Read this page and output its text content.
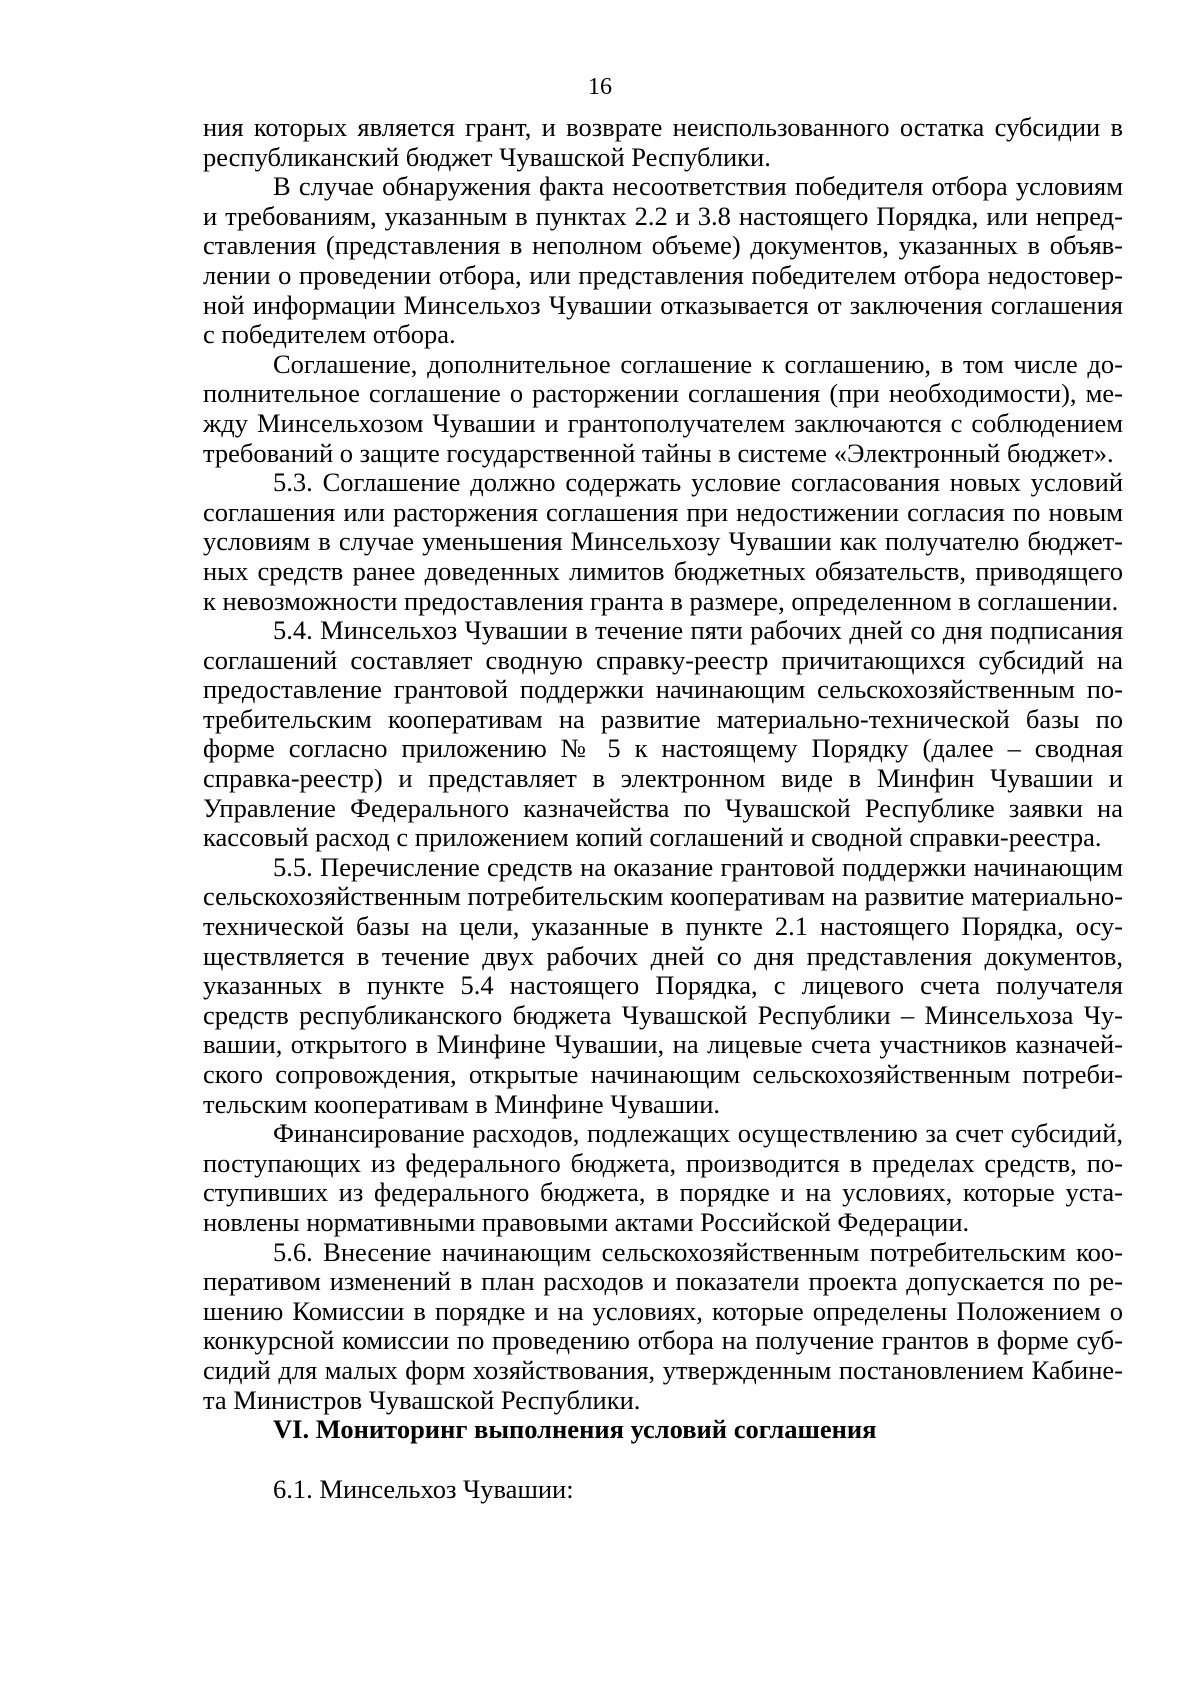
16

ния которых является грант, и возврате неиспользованного остатка субсидии в республиканский бюджет Чувашской Республики.

В случае обнаружения факта несоответствия победителя отбора условиям и требованиям, указанным в пунктах 2.2 и 3.8 настоящего Порядка, или непредставления (представления в неполном объеме) документов, указанных в объявлении о проведении отбора, или представления победителем отбора недостоверной информации Минсельхоз Чувашии отказывается от заключения соглашения с победителем отбора.

Соглашение, дополнительное соглашение к соглашению, в том числе дополнительное соглашение о расторжении соглашения (при необходимости), между Минсельхозом Чувашии и грантополучателем заключаются с соблюдением требований о защите государственной тайны в системе «Электронный бюджет».

5.3. Соглашение должно содержать условие согласования новых условий соглашения или расторжения соглашения при недостижении согласия по новым условиям в случае уменьшения Минсельхозу Чувашии как получателю бюджетных средств ранее доведенных лимитов бюджетных обязательств, приводящего к невозможности предоставления гранта в размере, определенном в соглашении.

5.4. Минсельхоз Чувашии в течение пяти рабочих дней со дня подписания соглашений составляет сводную справку-реестр причитающихся субсидий на предоставление грантовой поддержки начинающим сельскохозяйственным потребительским кооперативам на развитие материально-технической базы по форме согласно приложению № 5 к настоящему Порядку (далее – сводная справка-реестр) и представляет в электронном виде в Минфин Чувашии и Управление Федерального казначейства по Чувашской Республике заявки на кассовый расход с приложением копий соглашений и сводной справки-реестра.

5.5. Перечисление средств на оказание грантовой поддержки начинающим сельскохозяйственным потребительским кооперативам на развитие материально-технической базы на цели, указанные в пункте 2.1 настоящего Порядка, осуществляется в течение двух рабочих дней со дня представления документов, указанных в пункте 5.4 настоящего Порядка, с лицевого счета получателя средств республиканского бюджета Чувашской Республики – Минсельхоза Чувашии, открытого в Минфине Чувашии, на лицевые счета участников казначейского сопровождения, открытые начинающим сельскохозяйственным потребительским кооперативам в Минфине Чувашии.

Финансирование расходов, подлежащих осуществлению за счет субсидий, поступающих из федерального бюджета, производится в пределах средств, поступивших из федерального бюджета, в порядке и на условиях, которые установлены нормативными правовыми актами Российской Федерации.

5.6. Внесение начинающим сельскохозяйственным потребительским кооперативом изменений в план расходов и показатели проекта допускается по решению Комиссии в порядке и на условиях, которые определены Положением о конкурсной комиссии по проведению отбора на получение грантов в форме субсидий для малых форм хозяйствования, утвержденным постановлением Кабинета Министров Чувашской Республики.

VI. Мониторинг выполнения условий соглашения

6.1. Минсельхоз Чувашии:
